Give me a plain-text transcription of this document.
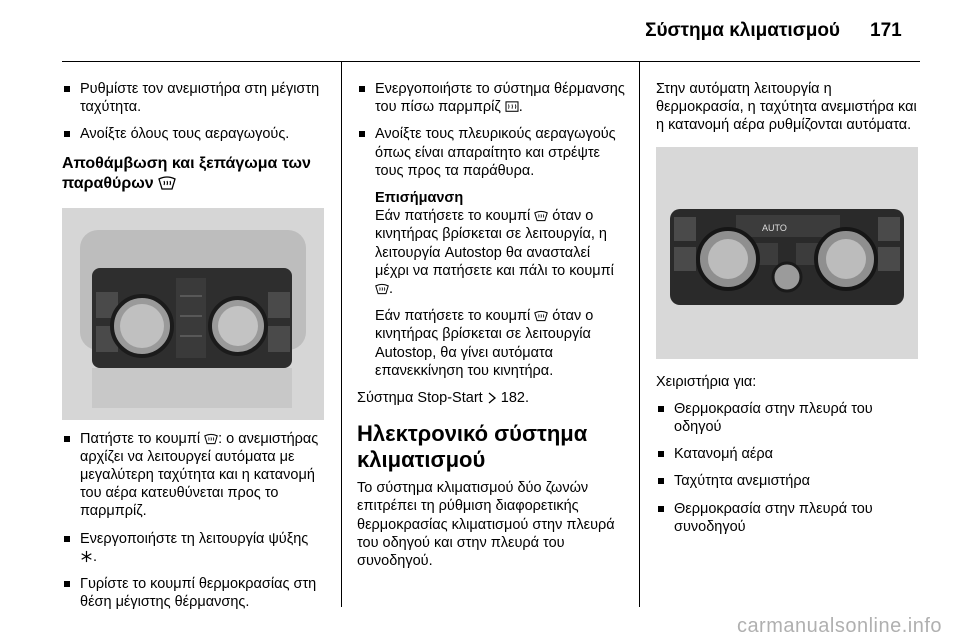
Σύστημα κλιματισμού 171
Ρυθμίστε τον ανεμιστήρα στη μέγιστη ταχύτητα.
Ανοίξτε όλους τους αεραγωγούς.
Αποθάμβωση και ξεπάγωμα των παραθύρων
Πατήστε το κουμπί : ο ανεμιστήρας αρχίζει να λειτουργεί αυτόματα με μεγαλύτερη ταχύτητα και η κατανομή του αέρα κατευθύνεται προς το παρμπρίζ.
Ενεργοποιήστε τη λειτουργία ψύξης .
Γυρίστε το κουμπί θερμοκρασίας στη θέση μέγιστης θέρμανσης.
Ενεργοποιήστε το σύστημα θέρμανσης του πίσω παρμπρίζ .
Ανοίξτε τους πλευρικούς αεραγωγούς όπως είναι απαραίτητο και στρέψτε τους προς τα παράθυρα.
Επισήμανση
Εάν πατήσετε το κουμπί όταν ο κινητήρας βρίσκεται σε λειτουργία, η λειτουργία Autostop θα ανασταλεί μέχρι να πατήσετε και πάλι το κουμπί .
Εάν πατήσετε το κουμπί όταν ο κινητήρας βρίσκεται σε λειτουργία Autostop, θα γίνει αυτόματα επανεκκίνηση του κινητήρα.
Σύστημα Stop-Start 182.
Ηλεκτρονικό σύστημα κλιματισμού
Το σύστημα κλιματισμού δύο ζωνών επιτρέπει τη ρύθμιση διαφορετικής θερμοκρασίας κλιματισμού στην πλευρά του οδηγού και στην πλευρά του συνοδηγού.
Στην αυτόματη λειτουργία η θερμοκρασία, η ταχύτητα ανεμιστήρα και η κατανομή αέρα ρυθμίζονται αυτόματα.
AUTO
Χειριστήρια για:
Θερμοκρασία στην πλευρά του οδηγού
Κατανομή αέρα
Ταχύτητα ανεμιστήρα
Θερμοκρασία στην πλευρά του συνοδηγού
carmanualsonline.info
